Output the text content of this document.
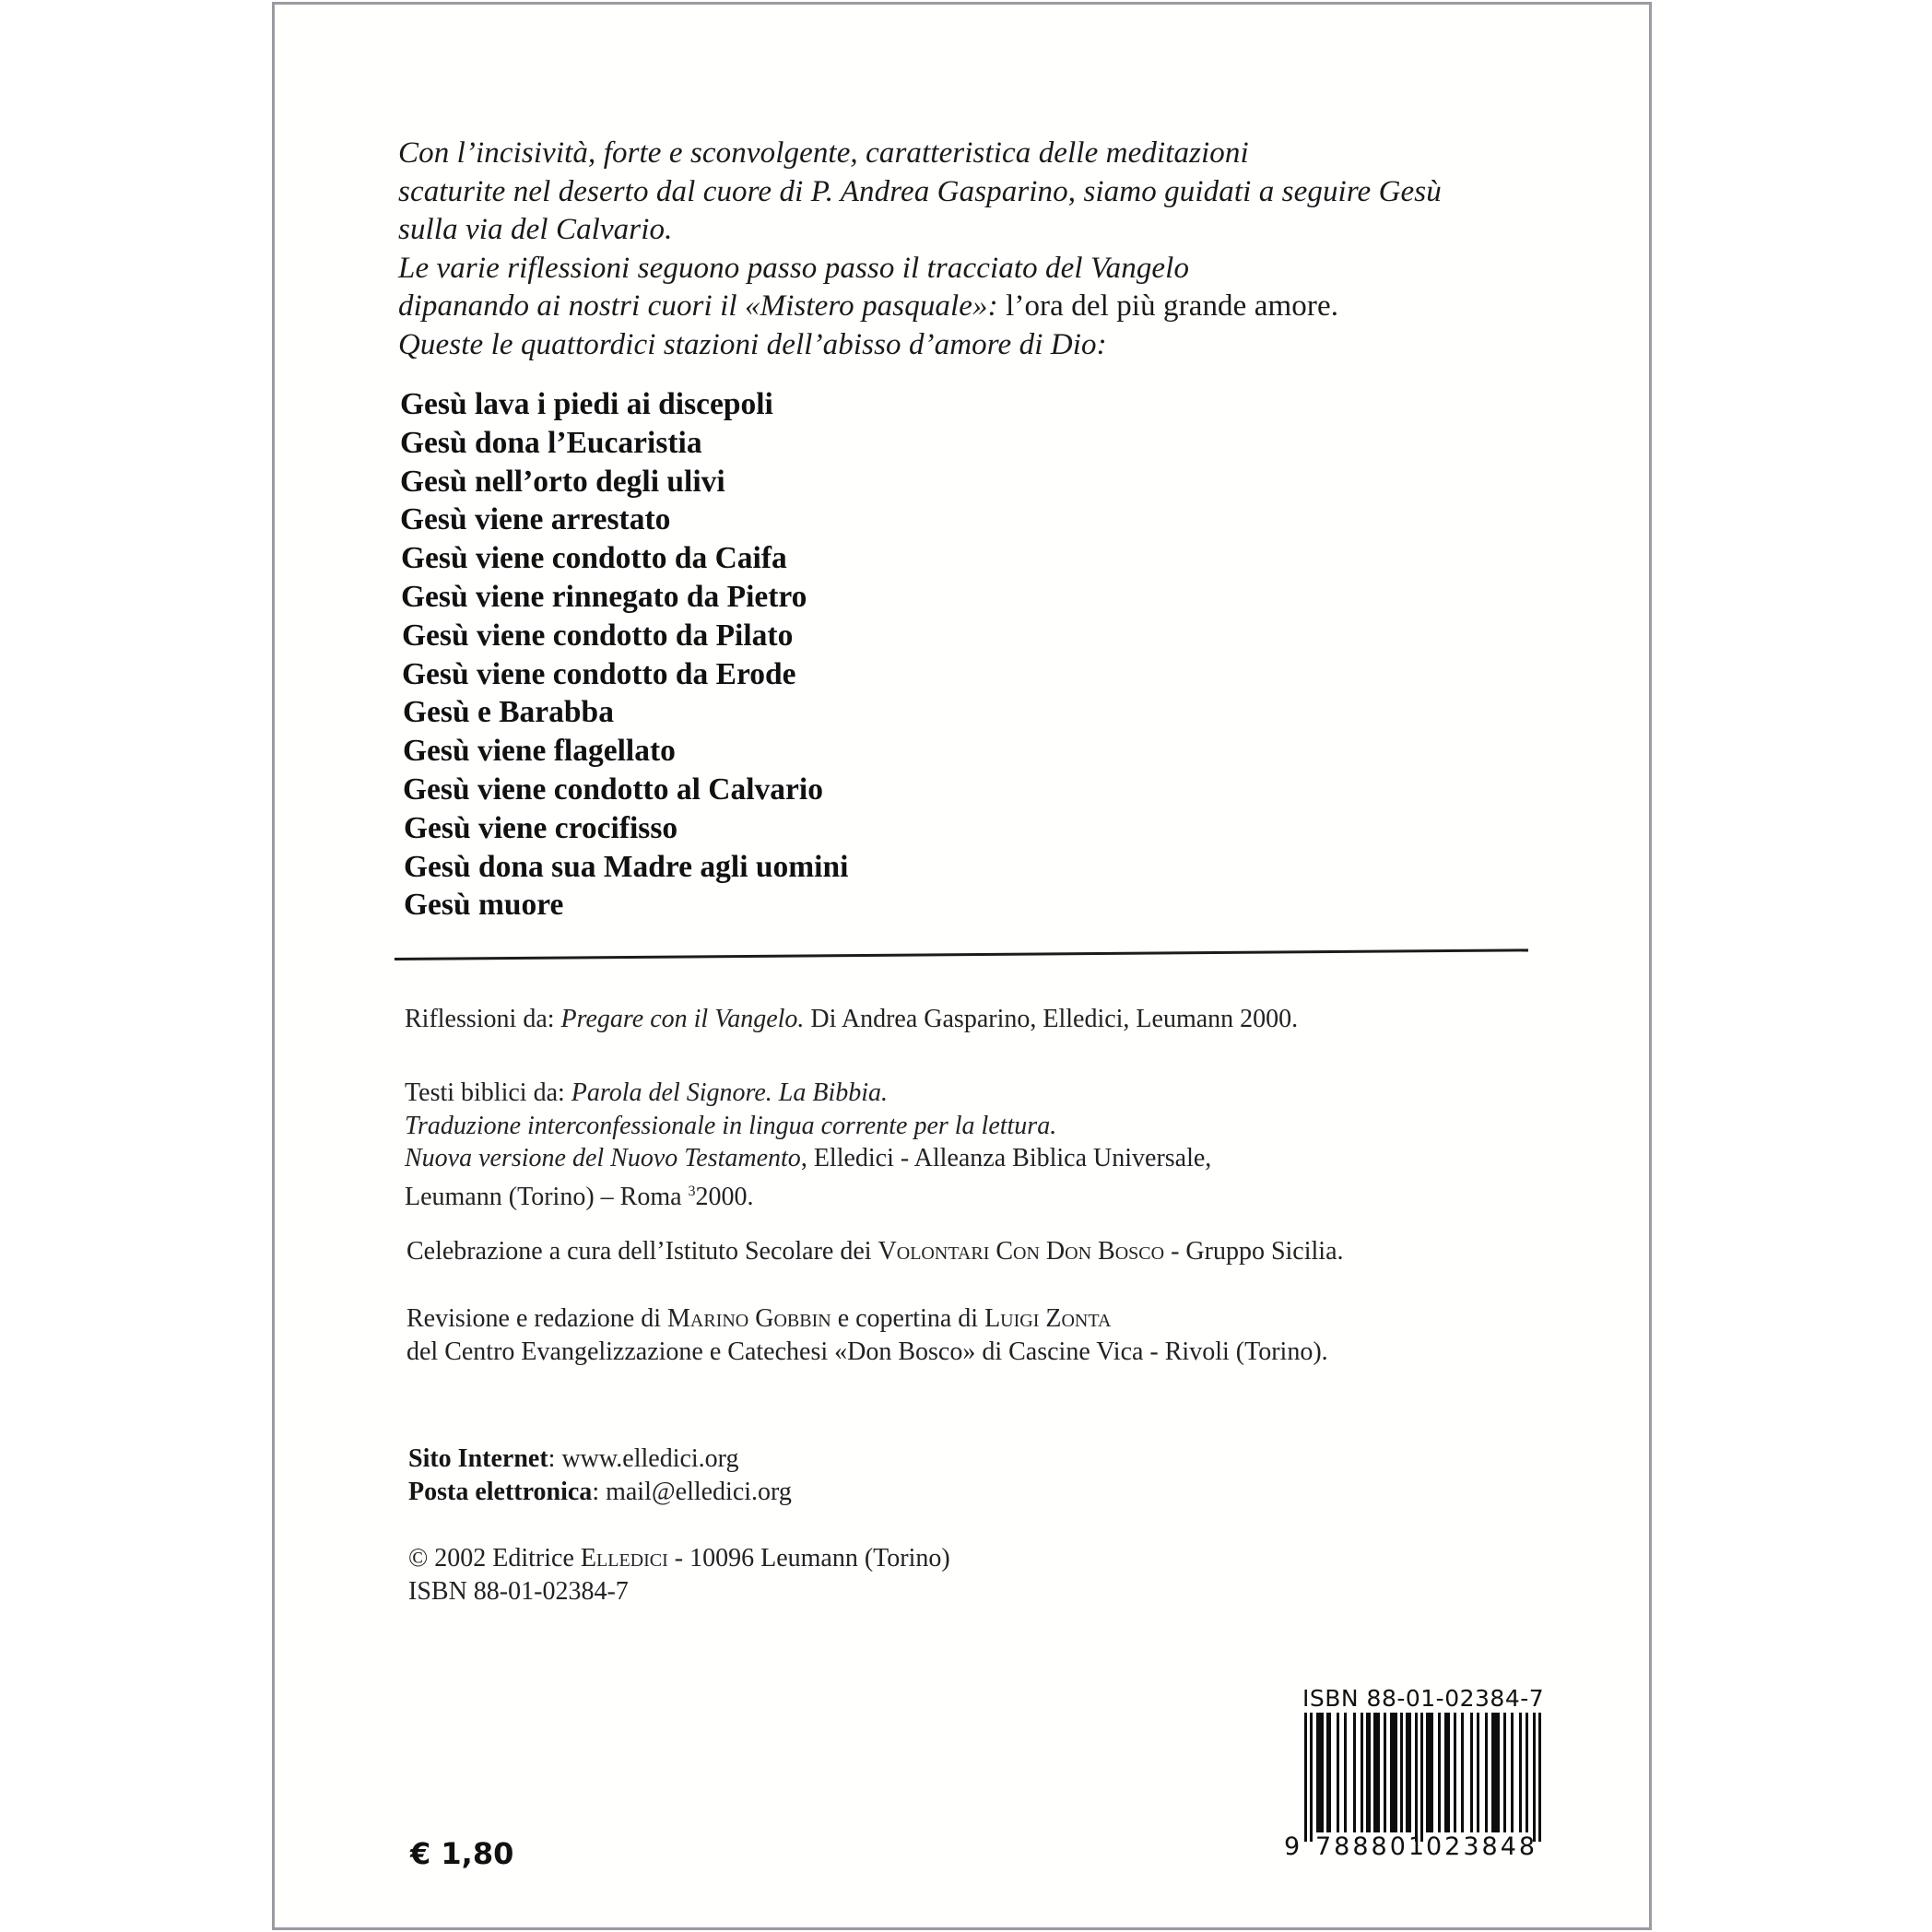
Con l’incisività, forte e sconvolgente, caratteristica delle meditazioni
scaturite nel deserto dal cuore di P. Andrea Gasparino, siamo guidati a seguire Gesù
sulla via del Calvario.
Le varie riflessioni seguono passo passo il tracciato del Vangelo
dipanando ai nostri cuori il «Mistero pasquale»: l’ora del più grande amore.
Queste le quattordici stazioni dell’abisso d’amore di Dio:
Gesù lava i piedi ai discepoli
Gesù dona l’Eucaristia
Gesù nell’orto degli ulivi
Gesù viene arrestato
Gesù viene condotto da Caifa
Gesù viene rinnegato da Pietro
Gesù viene condotto da Pilato
Gesù viene condotto da Erode
Gesù e Barabba
Gesù viene flagellato
Gesù viene condotto al Calvario
Gesù viene crocifisso
Gesù dona sua Madre agli uomini
Gesù muore
Riflessioni da: Pregare con il Vangelo. Di Andrea Gasparino, Elledici, Leumann 2000.
Testi biblici da: Parola del Signore. La Bibbia.
Traduzione interconfessionale in lingua corrente per la lettura.
Nuova versione del Nuovo Testamento, Elledici - Alleanza Biblica Universale,
Leumann (Torino) – Roma $^3$2000.
Celebrazione a cura dell’Istituto Secolare dei Volontari Con Don Bosco - Gruppo Sicilia.
Revisione e redazione di Marino Gobbin e copertina di Luigi Zonta
del Centro Evangelizzazione e Catechesi «Don Bosco» di Cascine Vica - Rivoli (Torino).
Sito Internet: www.elledici.org
Posta elettronica: mail@elledici.org
© 2002 Editrice Elledici - 10096 Leumann (Torino)
ISBN 88-01-02384-7
ISBN 88-01-02384-7
9 788801
023848
€ 1,80
